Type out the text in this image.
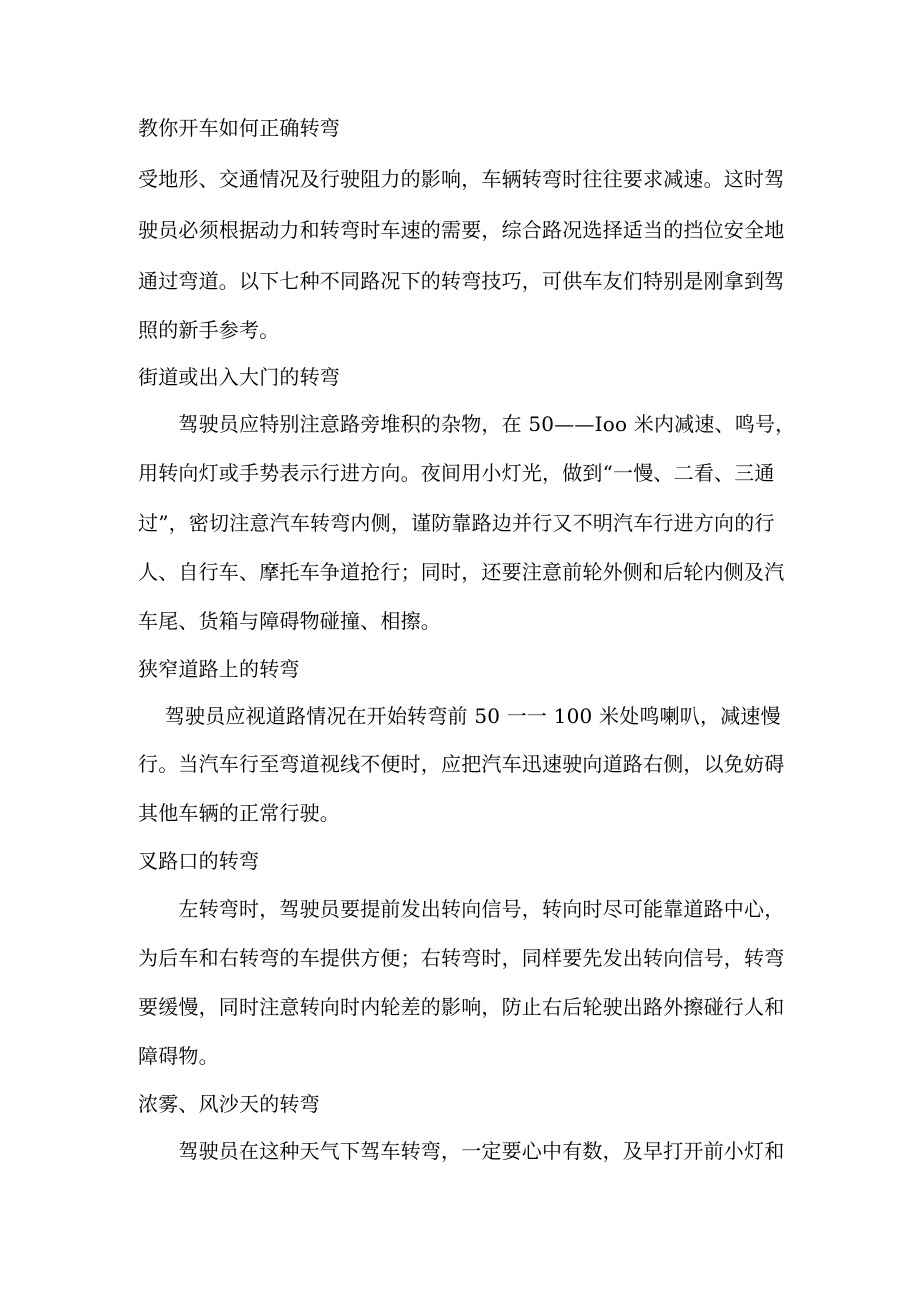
教你开车如何正确转弯
受地形、交通情况及行驶阻力的影响，车辆转弯时往往要求减速。这时驾
驶员必须根据动力和转弯时车速的需要，综合路况选择适当的挡位安全地
通过弯道。以下七种不同路况下的转弯技巧，可供车友们特别是刚拿到驾
照的新手参考。
街道或出入大门的转弯
　　驾驶员应特别注意路旁堆积的杂物，在 50——Ioo 米内减速、鸣号，
用转向灯或手势表示行进方向。夜间用小灯光，做到“一慢、二看、三通
过”，密切注意汽车转弯内侧，谨防靠路边并行又不明汽车行进方向的行
人、自行车、摩托车争道抢行；同时，还要注意前轮外侧和后轮内侧及汽
车尾、货箱与障碍物碰撞、相擦。
狭窄道路上的转弯
　 驾驶员应视道路情况在开始转弯前 50 一一 100 米处鸣喇叭，减速慢
行。当汽车行至弯道视线不便时，应把汽车迅速驶向道路右侧，以免妨碍
其他车辆的正常行驶。
叉路口的转弯
　　左转弯时，驾驶员要提前发出转向信号，转向时尽可能靠道路中心，
为后车和右转弯的车提供方便；右转弯时，同样要先发出转向信号，转弯
要缓慢，同时注意转向时内轮差的影响，防止右后轮驶出路外擦碰行人和
障碍物。
浓雾、风沙天的转弯
　　驾驶员在这种天气下驾车转弯，一定要心中有数，及早打开前小灯和
